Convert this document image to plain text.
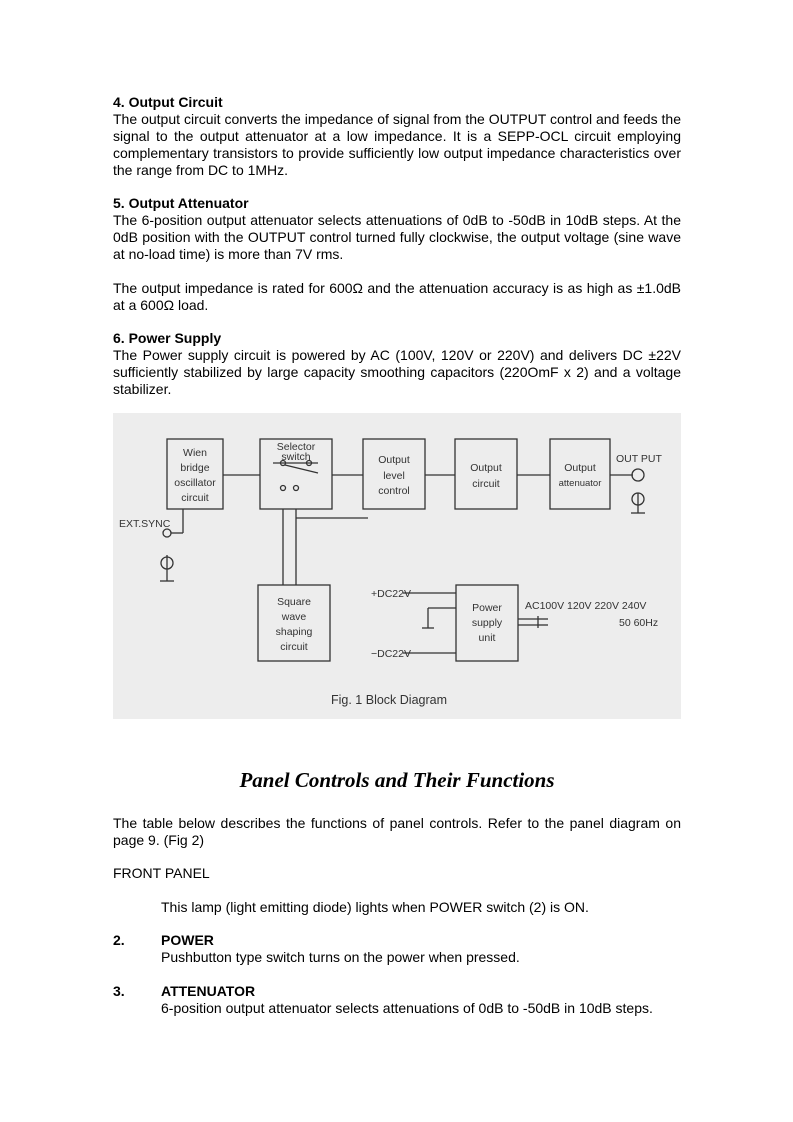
4. Output Circuit
The output circuit converts the impedance of signal from the OUTPUT control and feeds the signal to the output attenuator at a low impedance. It is a SEPP-OCL circuit employing complementary transistors to provide sufficiently low output impedance characteristics over the range from DC to 1MHz.

5. Output Attenuator
The 6-position output attenuator selects attenuations of 0dB to -50dB in 10dB steps. At the 0dB position with the OUTPUT control turned fully clockwise, the output voltage (sine wave at no-load time) is more than 7V rms.

The output impedance is rated for 600Ω and the attenuation accuracy is as high as ±1.0dB at a 600Ω load.

6. Power Supply
The Power supply circuit is powered by AC (100V, 120V or 220V) and delivers DC ±22V sufficiently stabilized by large capacity smoothing capacitors (220OmF x 2) and a voltage stabilizer.

Wien
bridge
oscillator
circuit
Selector
switch	Output
level
control
Output
circuit
Output
attenuator
Square
wave
shaping
circuit
Power
supply
unit
OUT PUT
EXT.SYNC
+DC22V
−DC22V
AC100V 120V 220V 240V
50 60Hz
Fig. 1 Block Diagram
Panel Controls and Their Functions

The table below describes the functions of panel controls. Refer to the panel diagram on page 9. (Fig 2)

FRONT PANEL

This lamp (light emitting diode) lights when POWER switch (2) is ON.

2.	POWER
Pushbutton type switch turns on the power when pressed.

3.	ATTENUATOR
6-position output attenuator selects attenuations of 0dB to -50dB in 10dB steps.
